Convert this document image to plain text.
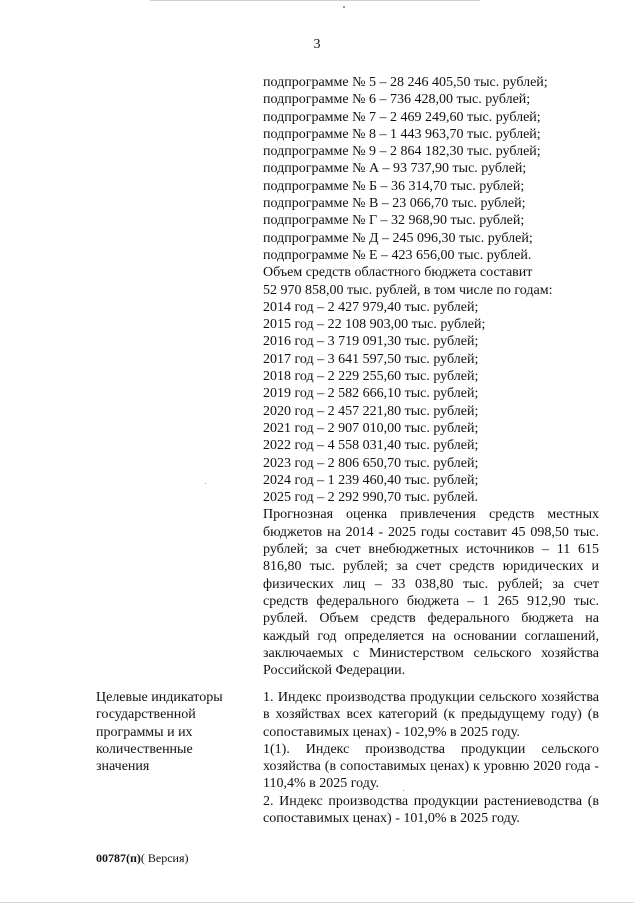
3
подпрограмме № 5 – 28 246 405,50 тыс. рублей;
подпрограмме № 6 – 736 428,00 тыс. рублей;
подпрограмме № 7 – 2 469 249,60 тыс. рублей;
подпрограмме № 8 – 1 443 963,70 тыс. рублей;
подпрограмме № 9 – 2 864 182,30 тыс. рублей;
подпрограмме № А – 93 737,90 тыс. рублей;
подпрограмме № Б – 36 314,70 тыс. рублей;
подпрограмме № В – 23 066,70 тыс. рублей;
подпрограмме № Г – 32 968,90 тыс. рублей;
подпрограмме № Д – 245 096,30 тыс. рублей;
подпрограмме № Е – 423 656,00 тыс. рублей.
Объем средств областного бюджета составит
52 970 858,00 тыс. рублей, в том числе по годам:
2014 год – 2 427 979,40 тыс. рублей;
2015 год – 22 108 903,00 тыс. рублей;
2016 год – 3 719 091,30 тыс. рублей;
2017 год – 3 641 597,50 тыс. рублей;
2018 год – 2 229 255,60 тыс. рублей;
2019 год – 2 582 666,10 тыс. рублей;
2020 год – 2 457 221,80 тыс. рублей;
2021 год – 2 907 010,00 тыс. рублей;
2022 год – 4 558 031,40 тыс. рублей;
2023 год – 2 806 650,70 тыс. рублей;
2024 год – 1 239 460,40 тыс. рублей;
2025 год – 2 292 990,70 тыс. рублей.
Прогнозная оценка привлечения средств местных бюджетов на 2014 - 2025 годы составит 45 098,50 тыс. рублей; за счет внебюджетных источников – 11 615 816,80 тыс. рублей; за счет средств юридических и физических лиц – 33 038,80 тыс. рублей; за счет средств федерального бюджета – 1 265 912,90 тыс. рублей. Объем средств федерального бюджета на каждый год определяется на основании соглашений, заключаемых с Министерством сельского хозяйства Российской Федерации.
Целевые индикаторы
государственной
программы и их
количественные
значения
1. Индекс производства продукции сельского хозяйства в хозяйствах всех категорий (к предыдущему году) (в сопоставимых ценах) - 102,9% в 2025 году.
1(1). Индекс производства продукции сельского хозяйства (в сопоставимых ценах) к уровню 2020 года - 110,4% в 2025 году.
2. Индекс производства продукции растениеводства (в сопоставимых ценах) - 101,0% в 2025 году.
00787(п)( Версия)
